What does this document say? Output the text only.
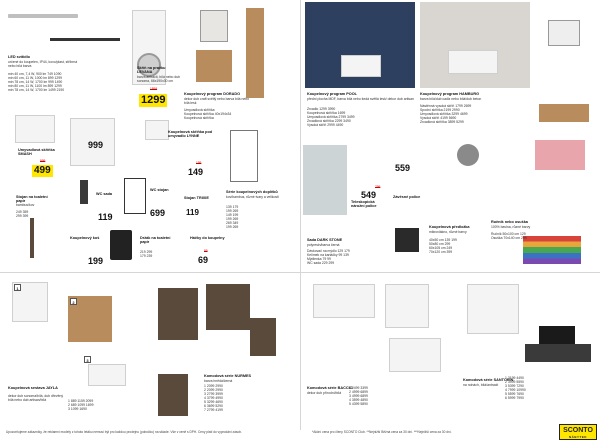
LED svítidlo
určené do koupelen, IP44, kovo/plast, stříbrná nebo bílá barva
min 40 cm, 7,4 W, 900 lm 749 1090
min 60 cm, 11 W, 1000 lm 899 1299
min 78 cm, 14 W, 1700 lm 999 1490
min 80 cm, 11 W, 1100 lm 899 1299
min 78 cm, 14 W, 1700 lm 1499 2190
Skříň na pračku LEVANA
barva antracit, bílá nebo dub sonoma, 66x190x30 cm
1899
1299	Koupelnový program DORADO
dekor dub craft světlý nebo barva bílá nebo bílá lesk
Umyvadlová skříňka
Koupelnová skříňka 40x194x34
Koupelnová skříňka
Umyvadlová skříňka SMASH
999
499
999
Koupelnová skříňka pod umyvadlo LYNNE
199
149
Série koupelnových doplňků
kov/bambus, různé tvary a velikosti
139 179
199 269
149 199
199 269
269 349
199 269
Stojan na toaletní papír
bambus/kov
249 359
299 399
WC sada
119
WC stojan
699
Stojan TRIXIE
119
Koupelnový koš
199
Držák na toaletní papír
219 299
179 239
Háčky do koupelny
99
69
Koupelnový program POOL
přední plocha MDF, barva bílá nebo šedá světlá lesk/ dekor dub artisan
Zrcadlo 1299 3990
Koupelnová skříňka 1699
Umyvadlová skříňka 2799 3499
Zrcadlová skříňka 2299 3490
Vysoká skříň 2999 4490
Koupelnový program HAMBURG
barva bílá/dub cadiz nebo bílá/dub beton
Nástěnná vysoká skříň 1799 2699
Spodní skříňka 2199 2990
Umyvadlová skříňka 3299 4699
Vysoká skříň 4199 5690
Zrcadlová skříňka 3899 5299
Sada DARK STONE
polyresin/barva černá
Dávkovač na mýdlo 129 179
Kelímek na kartáčky 99 139
Mýdlenka 79 99
WC sada 229 299
Teleskopická nárožní police
799
549	Závěsné police
559
Koupelnová předložka
mikrovlákno, různé barvy
40x50 cm 139 199
50x80 cm 299
60x105 cm 249
70x120 cm 399
Ručník nebo osuška
100% bavlna, různé barvy
Ručník 50x100 cm 129
Osuška 70x140 cm 299
1
2
3
Koupelnová sestava JAYLA
dekor dub sonoma/bílá, dub dřevěný bílá nebo dub artisan/bílá	1 889 1159 2099
2 689 1099 1699
3 1099 1690
Komodová série NURMES
barva hnědá/černá
1 2099 2990
2 2099 2990
3 2799 3999
4 3799 4990
5 3299 4690
6 3699 5290
7 2799 4199
Komodová série BACCIO
dekor dub přírodní/bílá
1 2499 3399
2 4999 6899
3 4999 6899
4 3599 4890
5 4399 5890
Komodová série SANTORIN
na nohách, bílá/antracit
1 3199 4490
2 3999 5590
3 5399 7290
4 7999 10990
5 5599 7690
6 5999 7990
Upozorňujeme zákazníky, že reklamní modely z tohoto letáku nemusí být pro každou prodejnu (pobočku) na sklade. Vše v ceně s DPH. Ceny platí do vyprodání zásob.	*Akční cena pro členy SCONTO Club. **Nejnižší Běžná cena za 30 dní. ***Nejnižší cena za 30 dní.	SCONTO
NÁBYTEK
